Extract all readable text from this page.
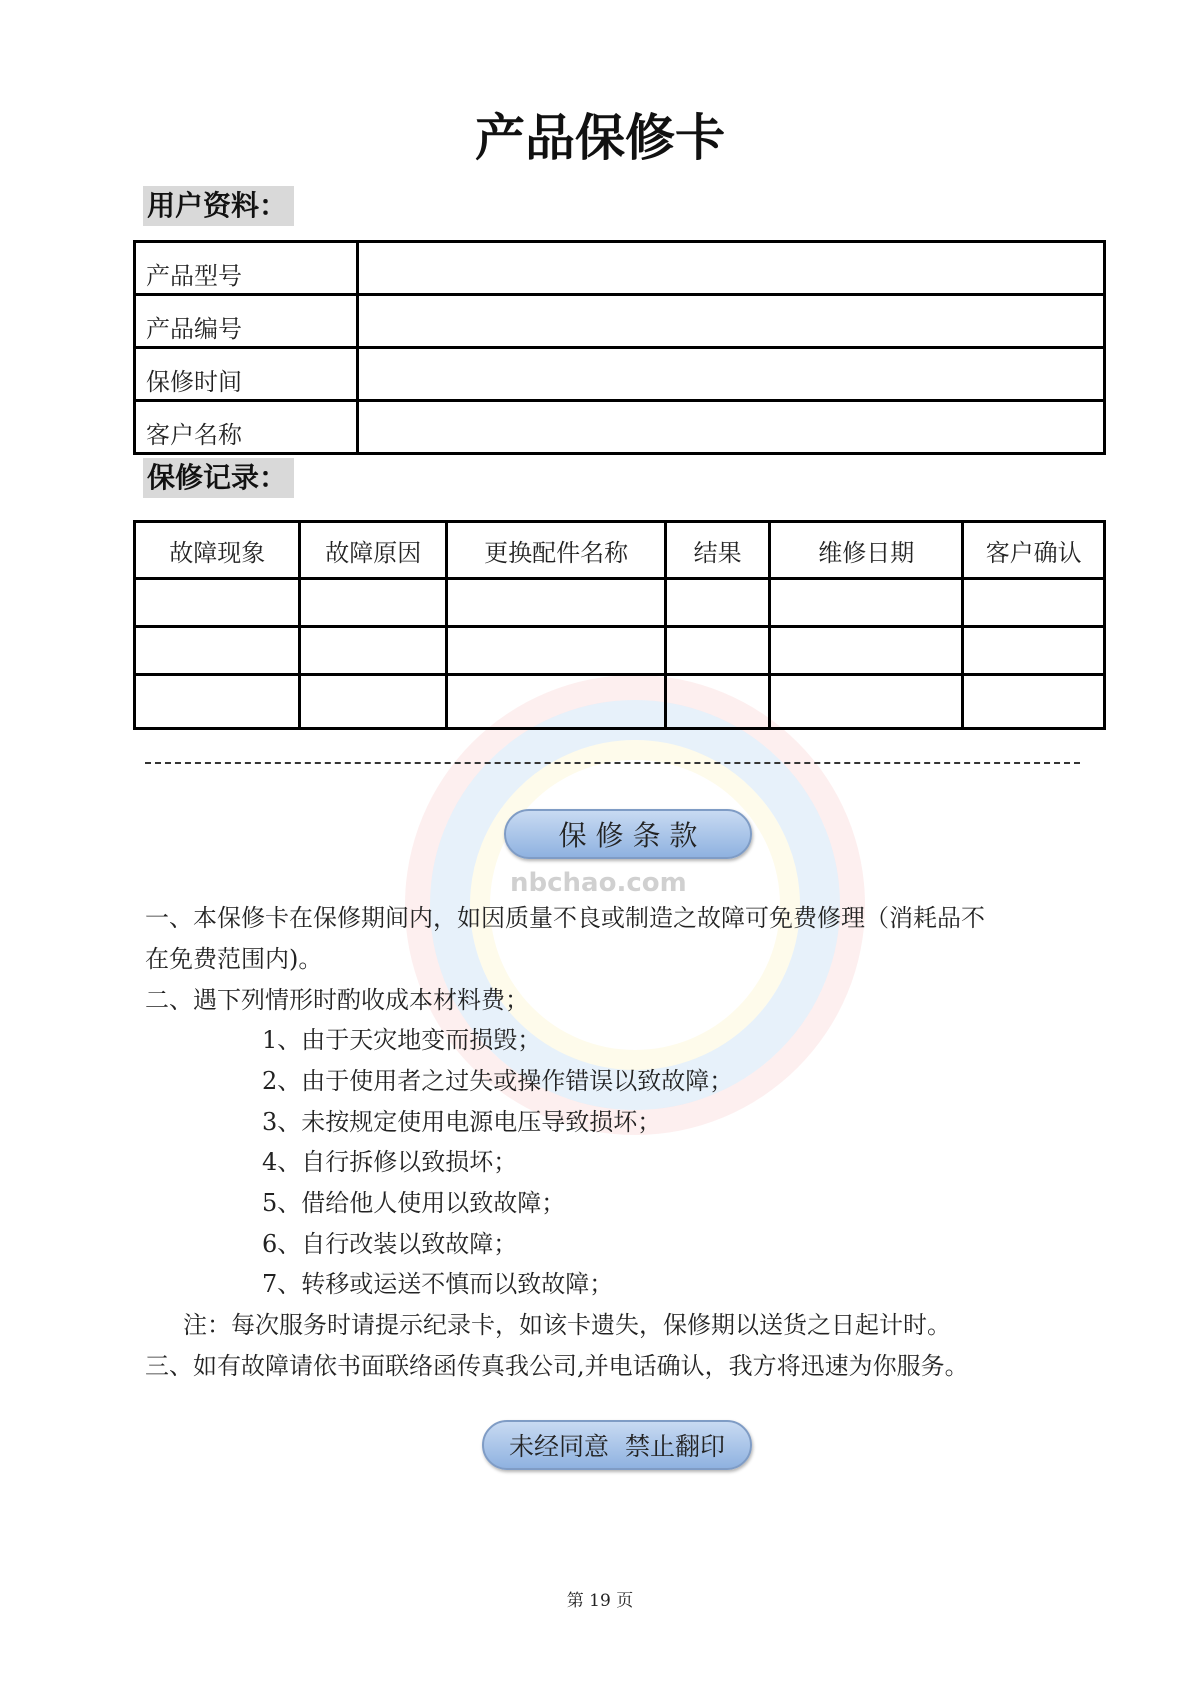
nbchao.com
产品保修卡
用户资料：
产品型号	
产品编号	
保修时间	
客户名称	
保修记录：
故障现象	故障原因	更换配件名称	结果	维修日期	客户确认

保 修 条 款
一、本保修卡在保修期间内，如因质量不良或制造之故障可免费修理（消耗品不
在免费范围内)。
二、遇下列情形时酌收成本材料费；
1、由于天灾地变而损毁；
2、由于使用者之过失或操作错误以致故障；
3、未按规定使用电源电压导致损坏；
4、自行拆修以致损坏；
5、借给他人使用以致故障；
6、自行改装以致故障；
7、转移或运送不慎而以致故障；
注：每次服务时请提示纪录卡，如该卡遗失，保修期以送货之日起计时。
三、如有故障请依书面联络函传真我公司,并电话确认，我方将迅速为你服务。
未经同意  禁止翻印
第 19 页
